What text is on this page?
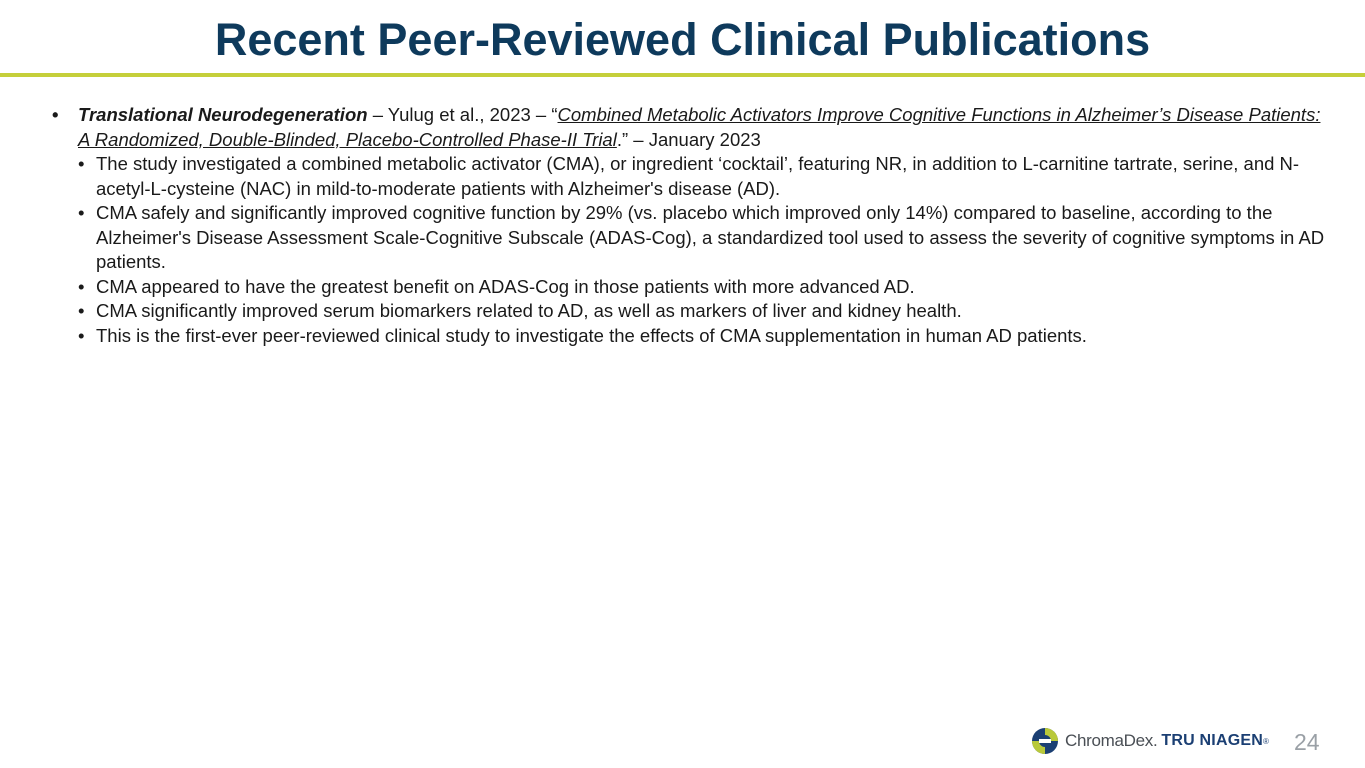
Recent Peer-Reviewed Clinical Publications
• Translational Neurodegeneration – Yulug et al., 2023 – “Combined Metabolic Activators Improve Cognitive Functions in Alzheimer’s Disease Patients: A Randomized, Double-Blinded, Placebo-Controlled Phase-II Trial.” – January 2023
• The study investigated a combined metabolic activator (CMA), or ingredient ‘cocktail’, featuring NR, in addition to L-carnitine tartrate, serine, and N-acetyl-L-cysteine (NAC) in mild-to-moderate patients with Alzheimer's disease (AD).
• CMA safely and significantly improved cognitive function by 29% (vs. placebo which improved only 14%) compared to baseline, according to the Alzheimer's Disease Assessment Scale-Cognitive Subscale (ADAS-Cog), a standardized tool used to assess the severity of cognitive symptoms in AD patients.
• CMA appeared to have the greatest benefit on ADAS-Cog in those patients with more advanced AD.
• CMA significantly improved serum biomarkers related to AD, as well as markers of liver and kidney health.
• This is the first-ever peer-reviewed clinical study to investigate the effects of CMA supplementation in human AD patients.
ChromaDex. TRU NIAGEN ® 24
